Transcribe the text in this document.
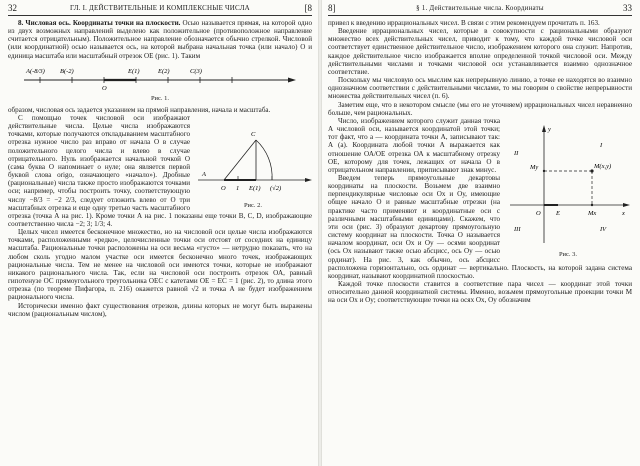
32	ГЛ. I. ДЕЙСТВИТЕЛЬНЫЕ И КОМПЛЕКСНЫЕ ЧИСЛА	[8

8. Числовая ось. Координаты точки на плоскости. Осью называется прямая, на которой одно из двух возможных направлений выделено как положительное (противоположное направление считается отрицательным). Положительное направление обозначается обычно стрелкой. Числовой (или координатной) осью называется ось, на которой выбрана начальная точка (или начало) О и единица масштаба или масштабный отрезок ОЕ (рис. 1). Таким

A(-8/3) B(-2)
O
E(1)	E(2)	C(3)
Рис. 1.

образом, числовая ось задается указанием на прямой направления, начала и масштаба.

C
A
O 1 E(1) (√2)
Рис. 2.

С помощью точек числовой оси изображают действительные числа. Целые числа изображаются точками, которые получаются откладыванием масштабного отрезка нужное число раз вправо от начала О в случае положительного целого числа и влево в случае отрицательного. Нуль изображается начальной точкой О (сама буква О напоминает о нуле; она является первой буквой слова origo, означающего «начало»). Дробные (рациональные) числа также просто изображаются точками оси; например, чтобы построить точку, соответствующую числу −8/3 = −2 2/3, следует отложить влево от О три масштабных отрезка и еще одну третью часть масштабного отрезка (точка А на рис. 1). Кроме точки А на рис. 1 показаны еще точки В, С, D, изображающие соответственно числа −2; 3; 1/3; 4.

Целых чисел имеется бесконечное множество, но на числовой оси целые числа изображаются точками, расположенными «редко», целочисленные точки оси отстоят от соседних на единицу масштаба. Рациональные точки расположены на оси весьма «густо» — нетрудно показать, что на любом сколь угодно малом участке оси имеется бесконечно много точек, изображающих рациональные числа. Тем не менее на числовой оси имеются точки, которые не изображают никакого рационального числа. Так, если на числовой оси построить отрезок ОА, равный гипотенузе ОС прямоугольного треугольника ОЕС с катетами ОЕ = ЕС = 1 (рис. 2), то длина этого отрезка (по теореме Пифагора, п. 216) окажется равной √2 и точка А не будет изображением рационального числа.

Исторически именно факт существования отрезков, длины которых не могут быть выражены числом (рациональным числом),

8]	§ 1. Действительные числа. Координаты	33

привел к введению иррациональных чисел. В связи с этим рекомендуем прочитать п. 163.

Введение иррациональных чисел, которые в совокупности с рациональными образуют множество всех действительных чисел, приводит к тому, что каждой точке числовой оси соответствует единственное действительное число, изображением которого она служит. Напротив, каждое действительное число изображается вполне определенной точкой числовой оси. Между действительными числами и точками числовой оси устанавливается взаимно однозначное соответствие.

Поскольку мы числовую ось мыслим как непрерывную линию, а точке ее находятся во взаимно однозначном соответствии с действительными числами, то мы говорим о свойстве непрерывности множества действительных чисел (п. 6).

Заметим еще, что в некотором смысле (мы его не уточняем) иррациональных чисел неравненно больше, чем рациональных.

II
I
III	IV
y
x
M(x,y)
My
O E	Mx
Рис. 3.

Число, изображением которого служит данная точка А числовой оси, называется координатой этой точки; тот факт, что а — координата точки А, записывают так: А (а). Координата любой точки А выражается как отношение ОА/ОЕ отрезка ОА к масштабному отрезку ОЕ, которому для точек, лежащих от начала О в отрицательном направлении, приписывают знак минус.

Введем теперь прямоугольные декартовы координаты на плоскости. Возьмем две взаимно перпендикулярные числовые оси Ох и Оу, имеющие общее начало О и равные масштабные отрезки (на практике часто применяют и координатные оси с различными масштабными единицами). Скажем, что эти оси (рис. 3) образуют декартову прямоугольную систему координат на плоскости. Точка О называется началом координат, оси Ох и Оу — осями координат (ось Ох называют также осью абсцисс, ось Оу — осью ординат). На рис. 3, как обычно, ось абсцисс расположена горизонтально, ось ординат — вертикально. Плоскость, на которой задана система координат, называют координатной плоскостью.

Каждой точке плоскости ставится в соответствие пара чисел — координат этой точки относительно данной координатной системы. Именно, возьмем прямоугольные проекции точки М на оси Ох и Оу; соответствующие точки на осях Ох, Оу обозначим
